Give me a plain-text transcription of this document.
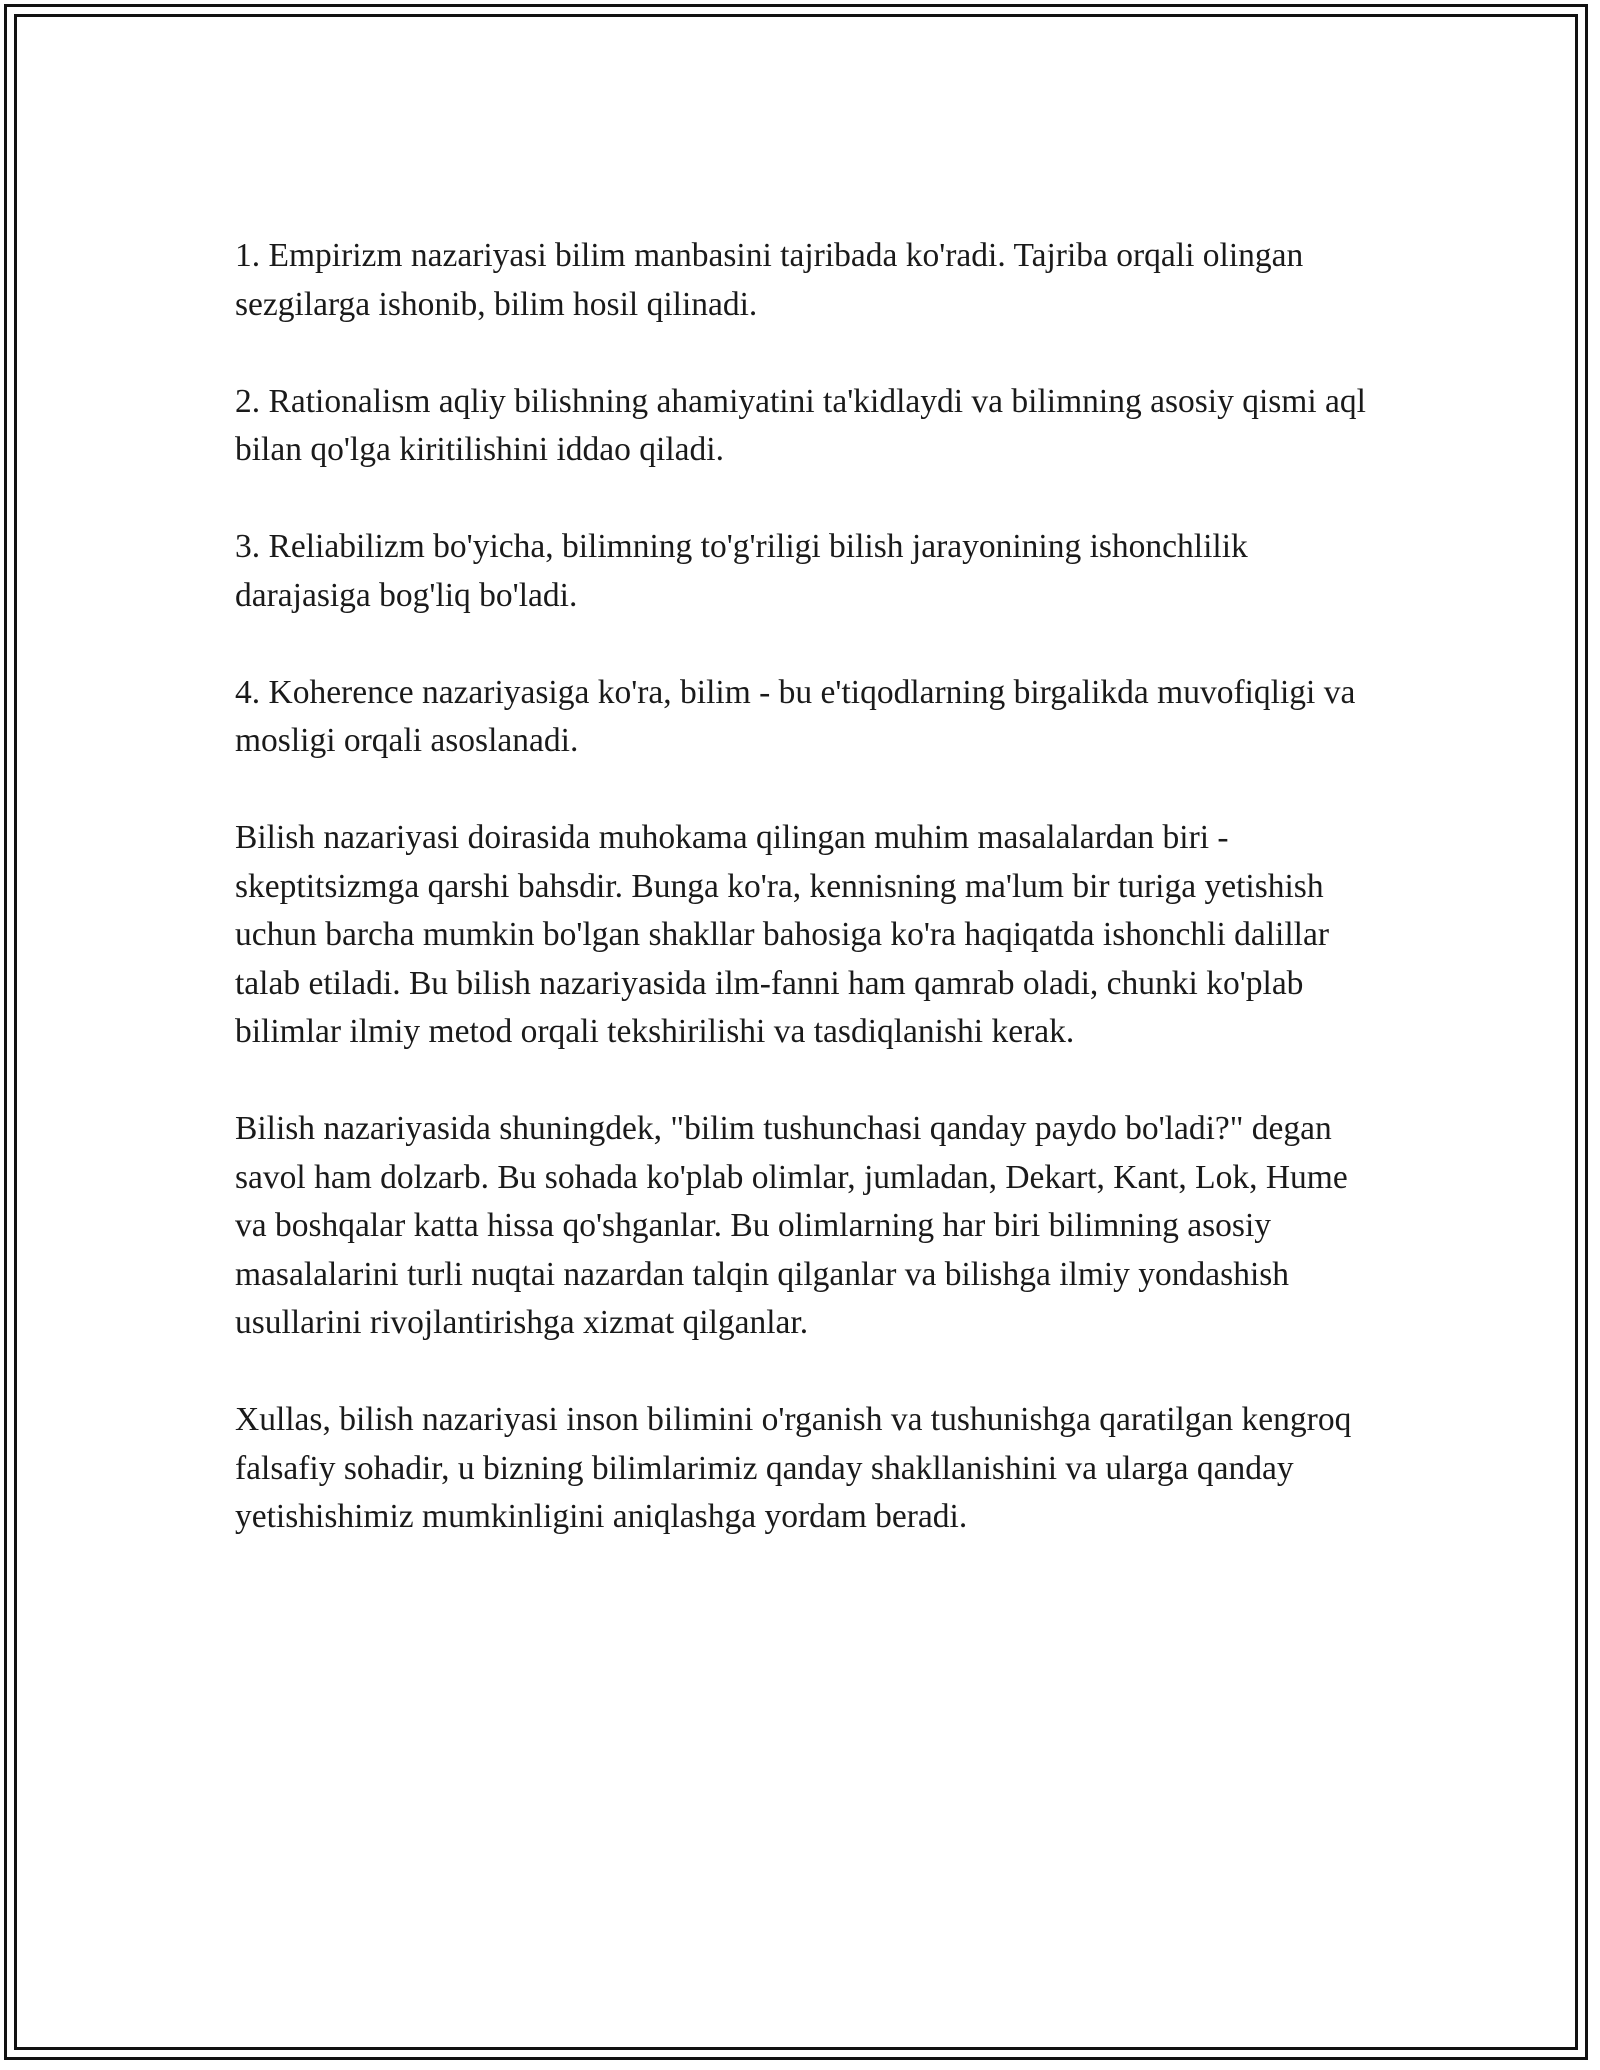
1. Empirizm nazariyasi bilim manbasini tajribada ko'radi. Tajriba orqali olingan sezgilarga ishonib, bilim hosil qilinadi.

2. Rationalism aqliy bilishning ahamiyatini ta'kidlaydi va bilimning asosiy qismi aql bilan qo'lga kiritilishini iddao qiladi.

3. Reliabilizm bo'yicha, bilimning to'g'riligi bilish jarayonining ishonchlilik darajasiga bog'liq bo'ladi.

4. Koherence nazariyasiga ko'ra, bilim - bu e'tiqodlarning birgalikda muvofiqligi va mosligi orqali asoslanadi.

Bilish nazariyasi doirasida muhokama qilingan muhim masalalardan biri - skeptitsizmga qarshi bahsdir. Bunga ko'ra, kennisning ma'lum bir turiga yetishish uchun barcha mumkin bo'lgan shakllar bahosiga ko'ra haqiqatda ishonchli dalillar talab etiladi. Bu bilish nazariyasida ilm-fanni ham qamrab oladi, chunki ko'plab bilimlar ilmiy metod orqali tekshirilishi va tasdiqlanishi kerak.

Bilish nazariyasida shuningdek, "bilim tushunchasi qanday paydo bo'ladi?" degan savol ham dolzarb. Bu sohada ko'plab olimlar, jumladan, Dekart, Kant, Lok, Hume va boshqalar katta hissa qo'shganlar. Bu olimlarning har biri bilimning asosiy masalalarini turli nuqtai nazardan talqin qilganlar va bilishga ilmiy yondashish usullarini rivojlantirishga xizmat qilganlar.

Xullas, bilish nazariyasi inson bilimini o'rganish va tushunishga qaratilgan kengroq falsafiy sohadir, u bizning bilimlarimiz qanday shakllanishini va ularga qanday yetishishimiz mumkinligini aniqlashga yordam beradi.
